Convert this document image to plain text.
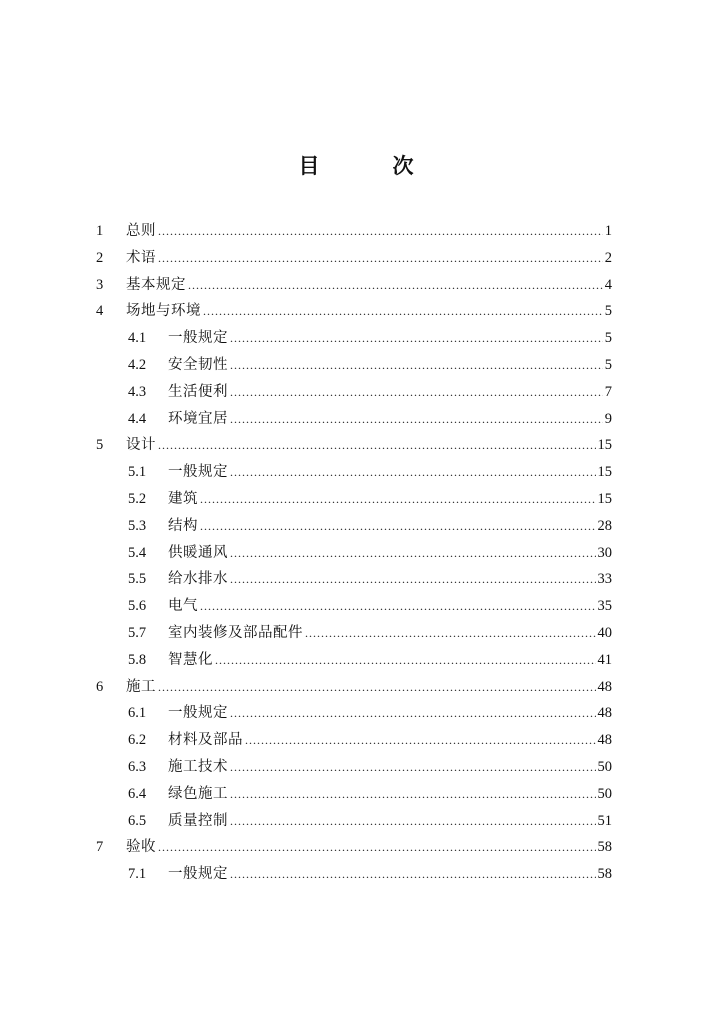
目　次
1	总则 .....	1
2	术语 .....	2
3	基本规定 .....	4
4	场地与环境 .....	5
4.1	一般规定 .....	5
4.2	安全韧性 .....	5
4.3	生活便利 .....	7
4.4	环境宜居 .....	9
5	设计 .....	15
5.1	一般规定 .....	15
5.2	建筑 .....	15
5.3	结构 .....	28
5.4	供暖通风 .....	30
5.5	给水排水 .....	33
5.6	电气 .....	35
5.7	室内装修及部品配件 .....	40
5.8	智慧化 .....	41
6	施工 .....	48
6.1	一般规定 .....	48
6.2	材料及部品 .....	48
6.3	施工技术 .....	50
6.4	绿色施工 .....	50
6.5	质量控制 .....	51
7	验收 .....	58
7.1	一般规定 .....	58
